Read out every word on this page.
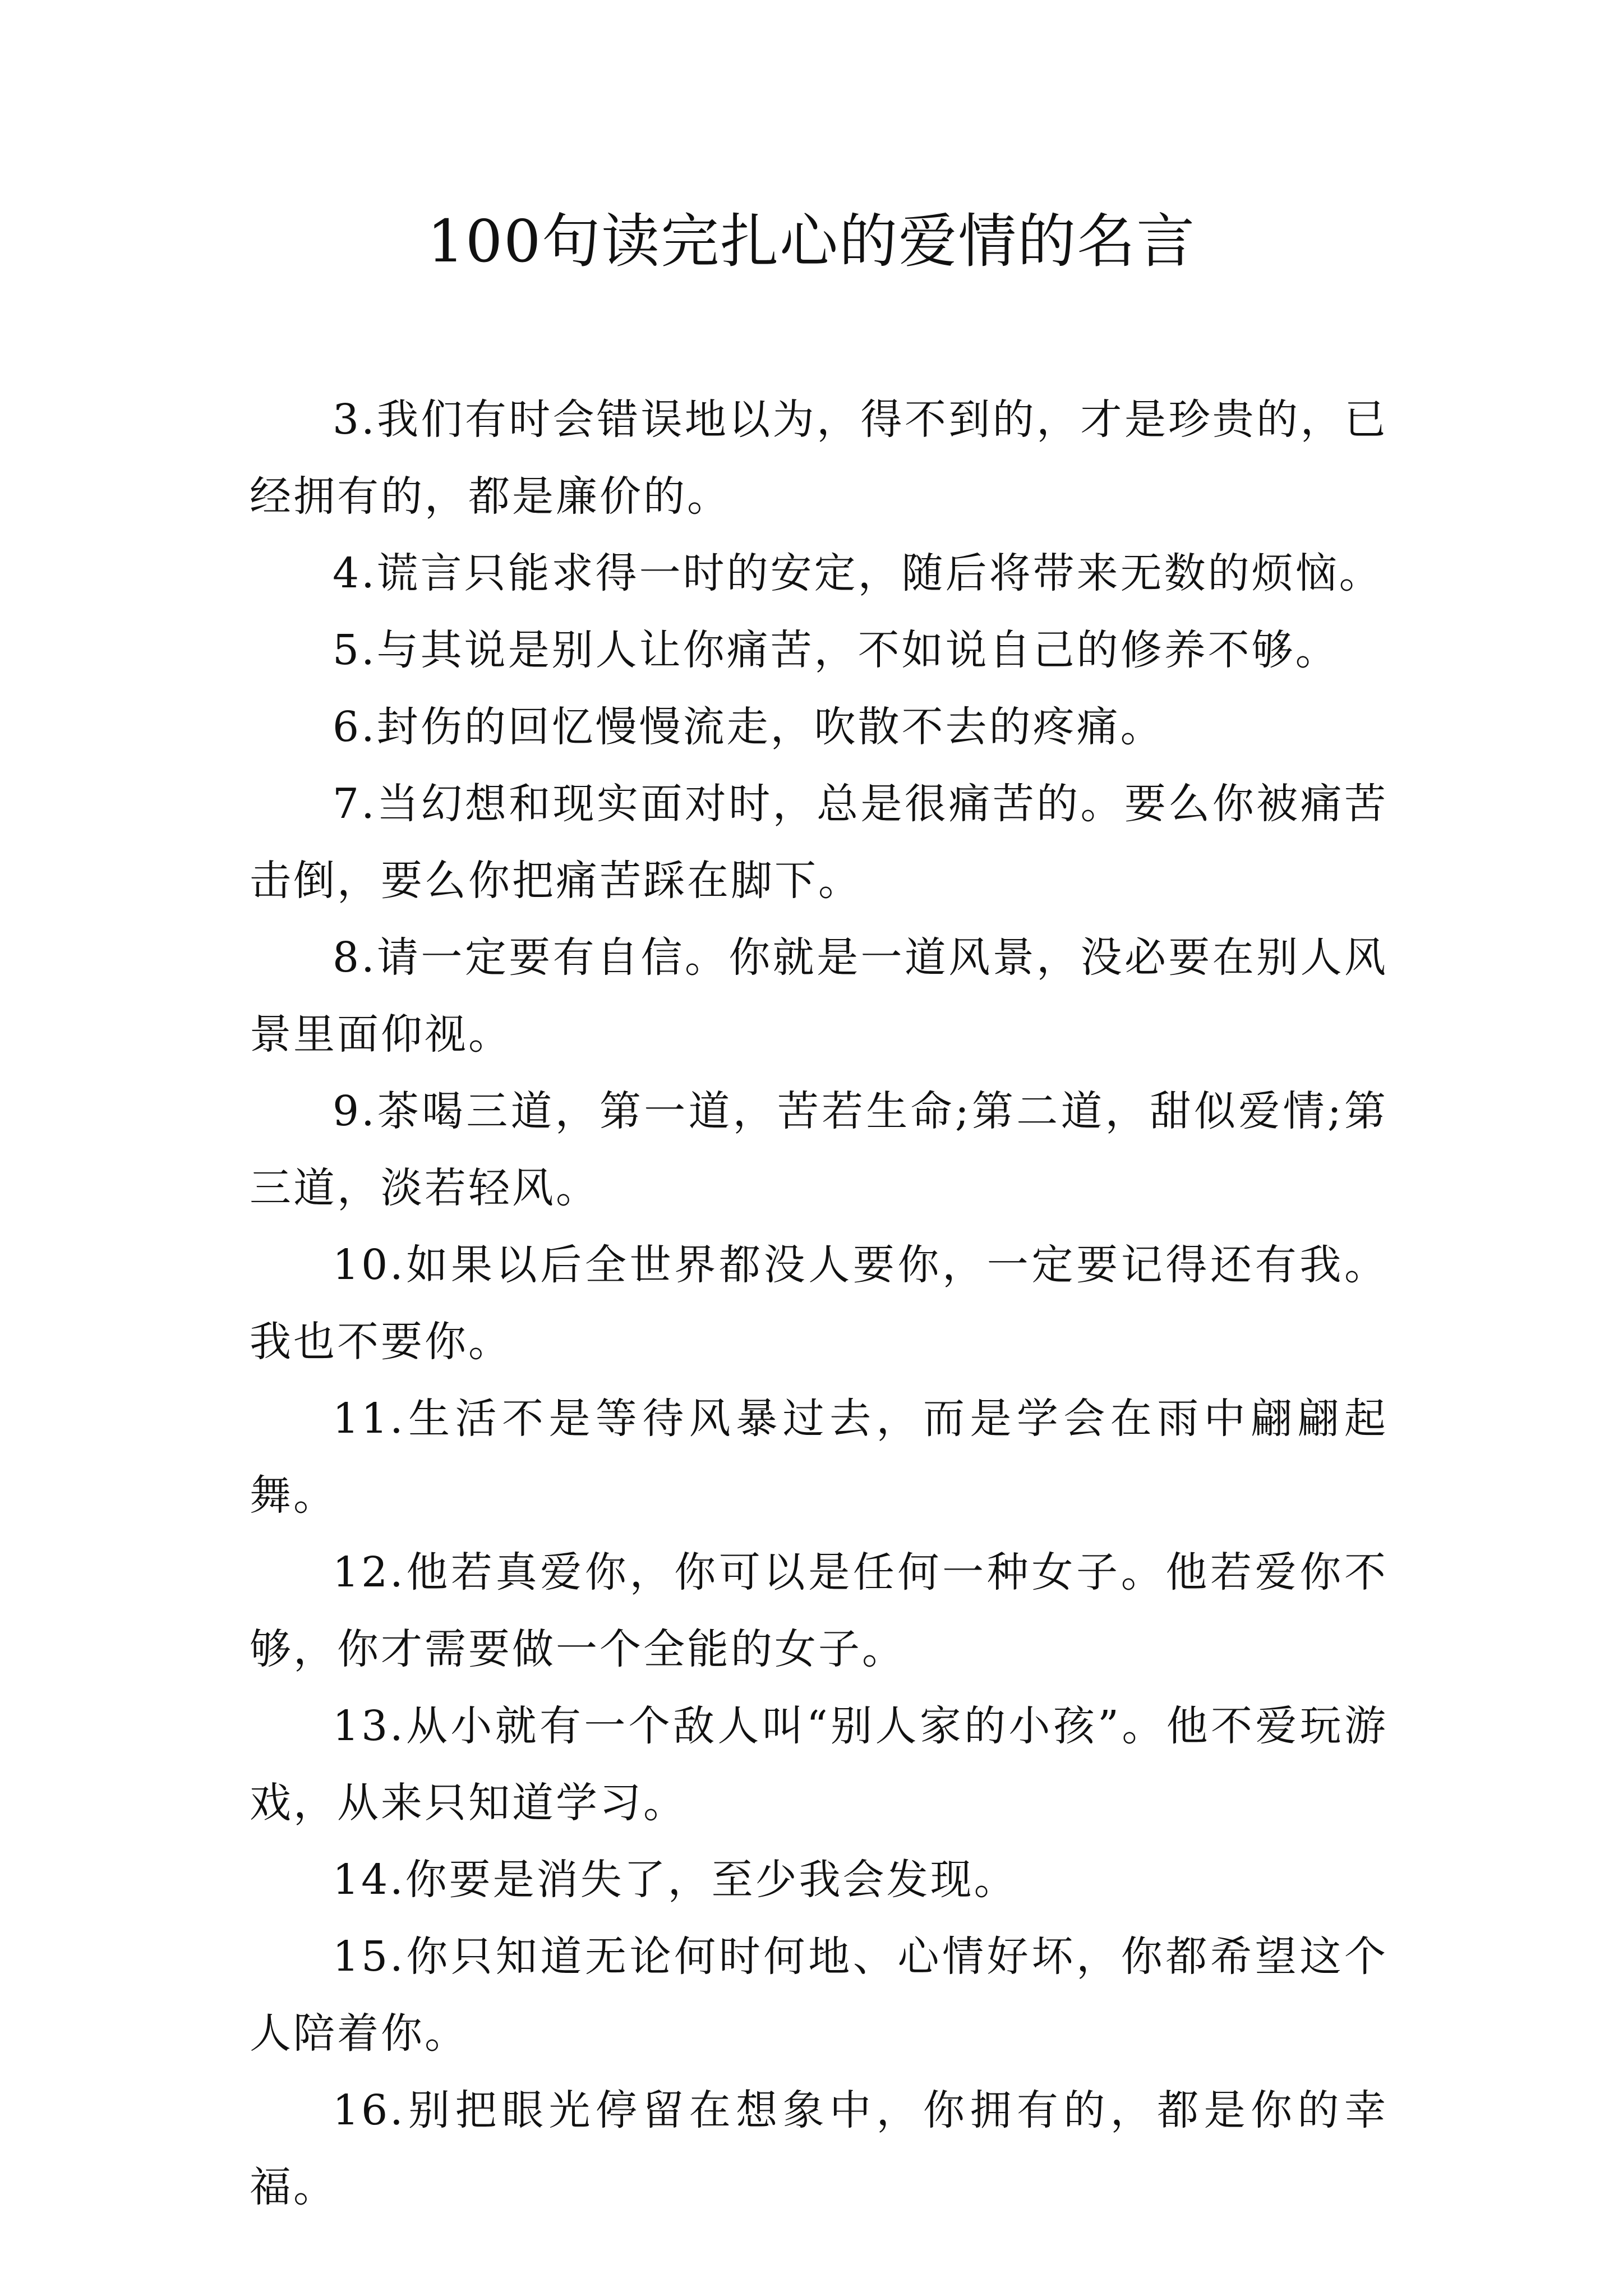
100句读完扎心的爱情的名言

3.我们有时会错误地以为，得不到的，才是珍贵的，已经拥有的，都是廉价的。

4.谎言只能求得一时的安定，随后将带来无数的烦恼。

5.与其说是别人让你痛苦，不如说自己的修养不够。

6.封伤的回忆慢慢流走，吹散不去的疼痛。

7.当幻想和现实面对时，总是很痛苦的。要么你被痛苦击倒，要么你把痛苦踩在脚下。

8.请一定要有自信。你就是一道风景，没必要在别人风景里面仰视。

9.茶喝三道，第一道，苦若生命;第二道，甜似爱情;第三道，淡若轻风。

10.如果以后全世界都没人要你，一定要记得还有我。我也不要你。

11.生活不是等待风暴过去，而是学会在雨中翩翩起舞。

12.他若真爱你，你可以是任何一种女子。他若爱你不够，你才需要做一个全能的女子。

13.从小就有一个敌人叫“别人家的小孩”。他不爱玩游戏，从来只知道学习。

14.你要是消失了，至少我会发现。

15.你只知道无论何时何地、心情好坏，你都希望这个人陪着你。

16.别把眼光停留在想象中，你拥有的，都是你的幸福。
